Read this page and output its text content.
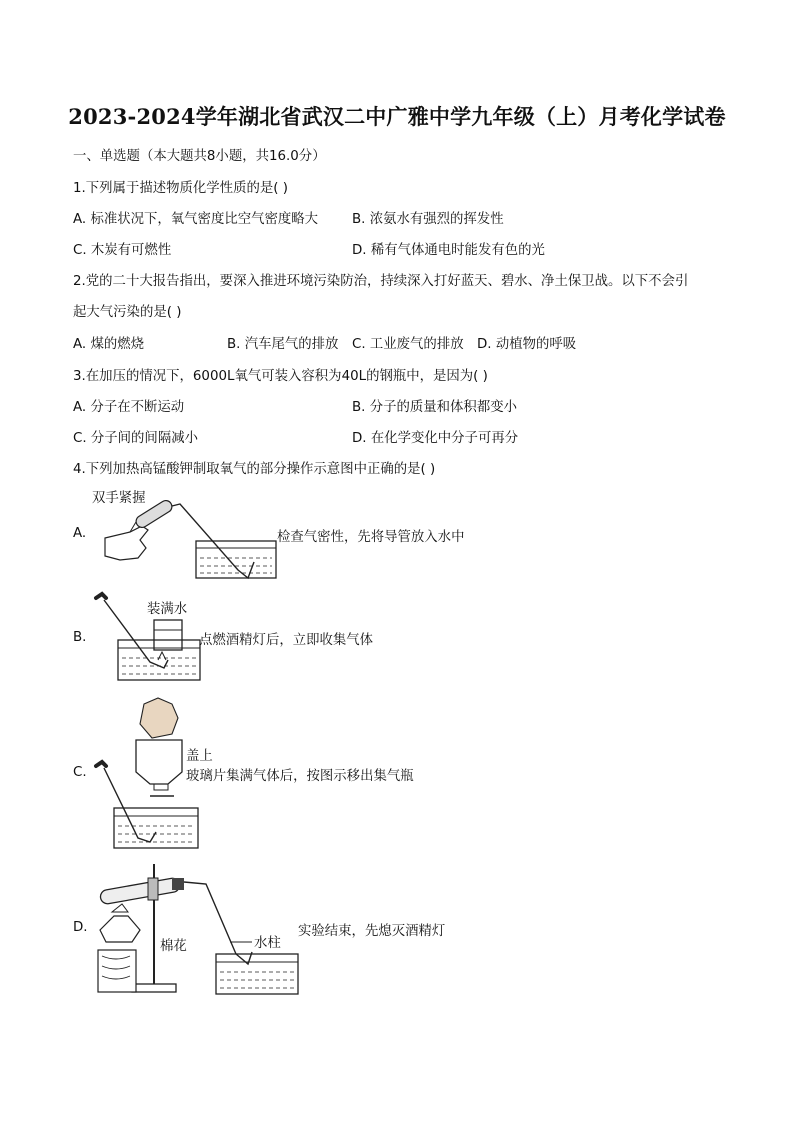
2023-2024学年湖北省武汉二中广雅中学九年级（上）月考化学试卷
一、单选题（本大题共8小题，共16.0分）
1.下列属于描述物质化学性质的是( )
A. 标准状况下，氧气密度比空气密度略大	B. 浓氨水有强烈的挥发性
C. 木炭有可燃性	D. 稀有气体通电时能发有色的光
2.党的二十大报告指出，要深入推进环境污染防治，持续深入打好蓝天、碧水、净土保卫战。以下不会引
起大气污染的是( )
A. 煤的燃烧	B. 汽车尾气的排放 C. 工业废气的排放 D. 动植物的呼吸
3.在加压的情况下，6000L氧气可装入容积为40L的钢瓶中，是因为( )
A. 分子在不断运动	B. 分子的质量和体积都变小
C. 分子间的间隔减小	D. 在化学变化中分子可再分
4.下列加热高锰酸钾制取氧气的部分操作示意图中正确的是( )
A.
双手紧握
检查气密性，先将导管放入水中
B.
装满水
点燃酒精灯后，立即收集气体
C.
盖上
玻璃片集满气体后，按图示移出集气瓶
D.
棉花	水柱
实验结束，先熄灭酒精灯
